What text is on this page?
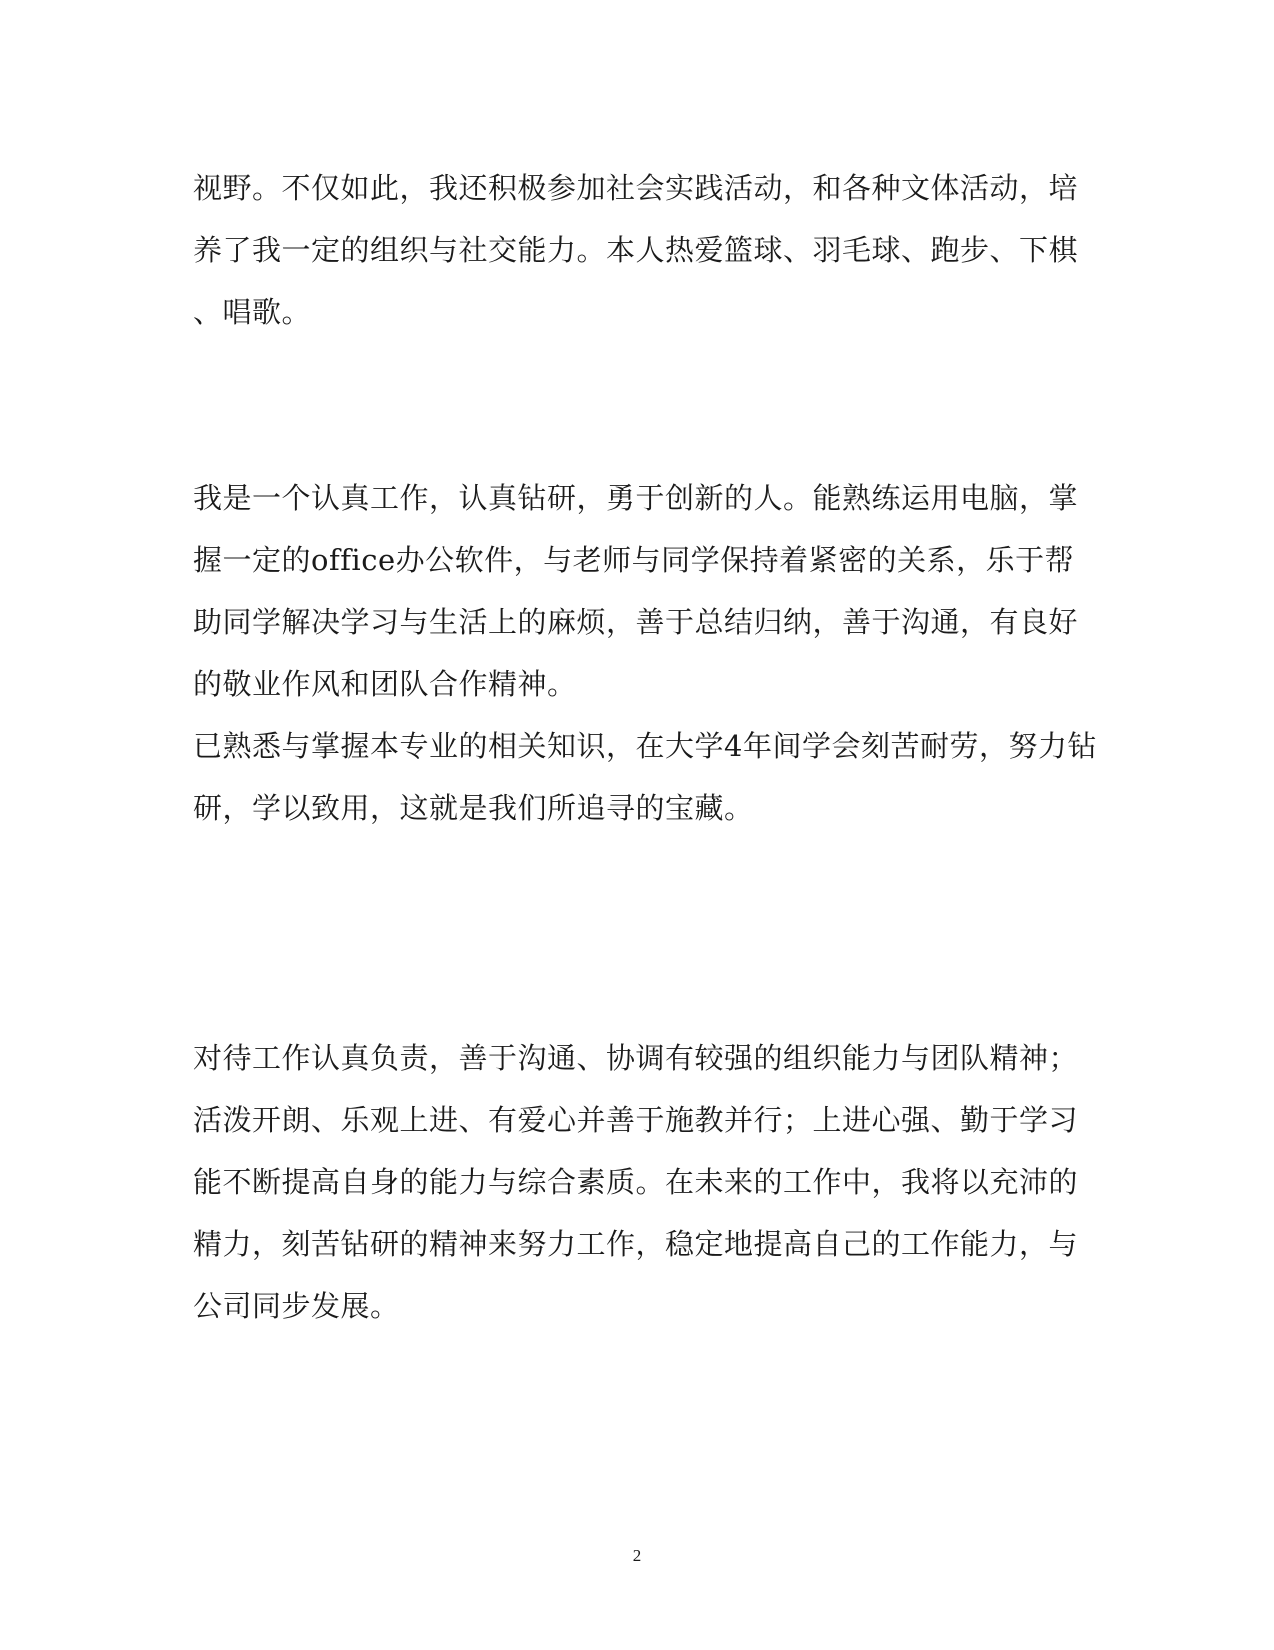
视野。不仅如此，我还积极参加社会实践活动，和各种文体活动，培
养了我一定的组织与社交能力。本人热爱篮球、羽毛球、跑步、下棋
、唱歌。
我是一个认真工作，认真钻研，勇于创新的人。能熟练运用电脑，掌
握一定的office办公软件，与老师与同学保持着紧密的关系，乐于帮
助同学解决学习与生活上的麻烦，善于总结归纳，善于沟通，有良好
的敬业作风和团队合作精神。
已熟悉与掌握本专业的相关知识，在大学4年间学会刻苦耐劳，努力钻
研，学以致用，这就是我们所追寻的宝藏。
对待工作认真负责，善于沟通、协调有较强的组织能力与团队精神；
活泼开朗、乐观上进、有爱心并善于施教并行；上进心强、勤于学习
能不断提高自身的能力与综合素质。在未来的工作中，我将以充沛的
精力，刻苦钻研的精神来努力工作，稳定地提高自己的工作能力，与
公司同步发展。
2
